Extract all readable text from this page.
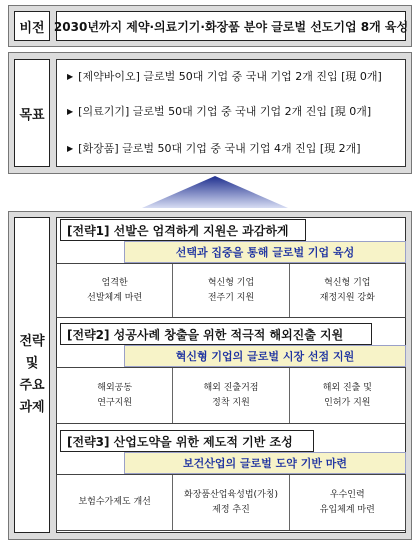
비전 2030년까지 제약·의료기기·화장품 분야 글로벌 선도기업 8개 육성
목표
▶ [제약바이오] 글로벌 50대 기업 중 국내 기업 2개 진입 [現 0개]
▶ [의료기기] 글로벌 50대 기업 중 국내 기업 2개 진입 [現 0개]
▶ [화장품] 글로벌 50대 기업 중 국내 기업 4개 진입 [現 2개]
전략
및
주요
과제
[전략1] 선발은 엄격하게 지원은 과감하게
선택과 집중을 통해 글로벌 기업 육성
엄격한
선발체계 마련
혁신형 기업
전주기 지원
혁신형 기업
재정지원 강화
[전략2] 성공사례 창출을 위한 적극적 해외진출 지원
혁신형 기업의 글로벌 시장 선점 지원
해외공동
연구지원
해외 진출거점
정착 지원
해외 진출 및
인허가 지원
[전략3] 산업도약을 위한 제도적 기반 조성
보건산업의 글로벌 도약 기반 마련
보험수가제도 개선
화장품산업육성법(가칭)
제정 추진
우수인력
유입체계 마련
